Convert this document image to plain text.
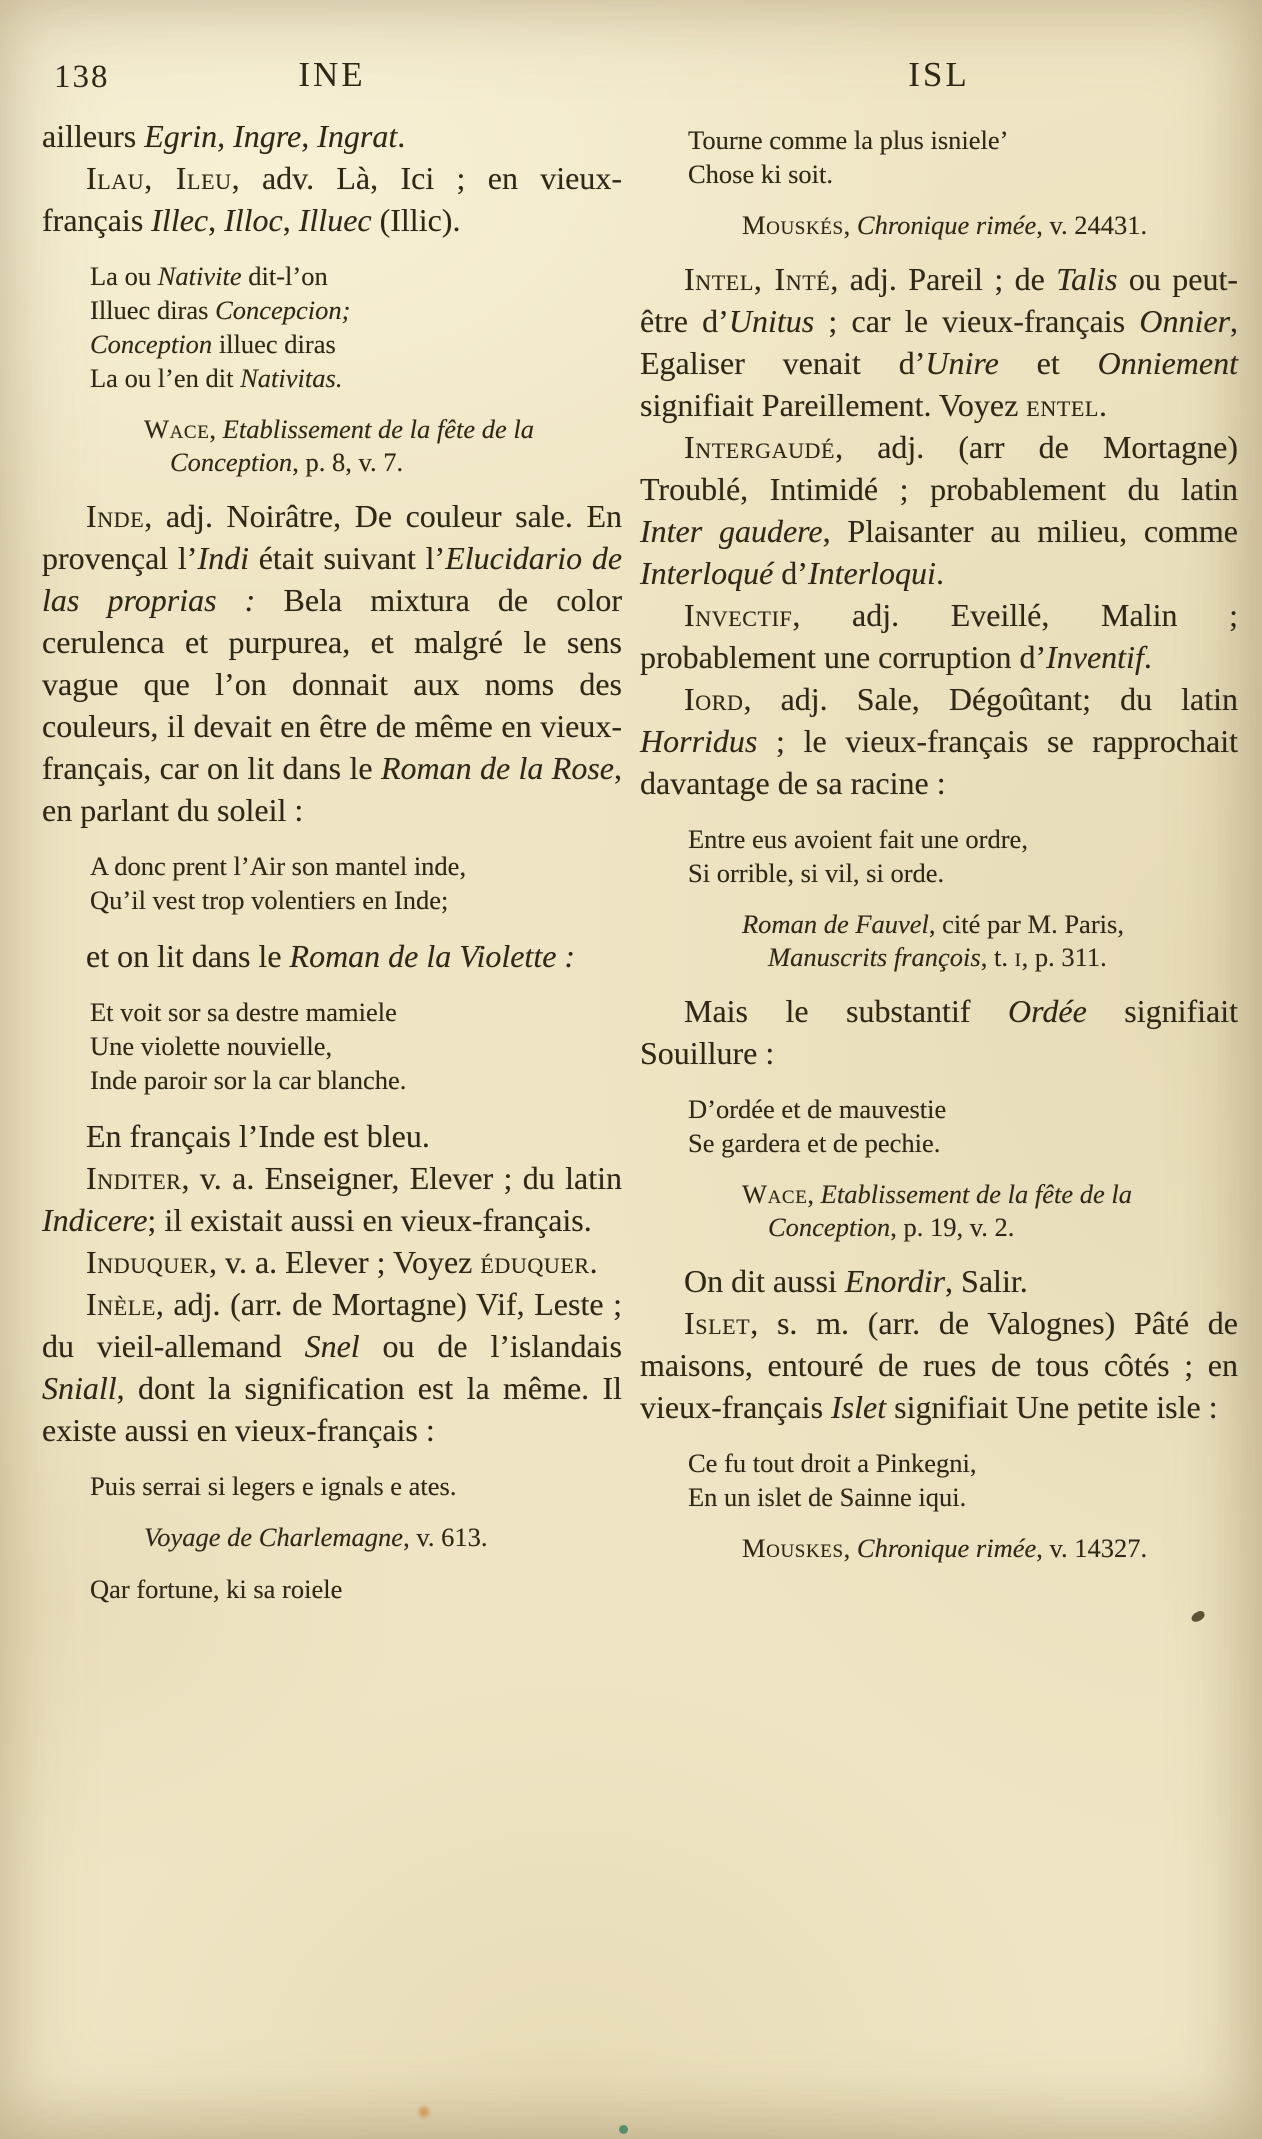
138	INE

ailleurs Egrin, Ingre, Ingrat.

Ilau, Ileu, adv. Là, Ici ; en vieux-français Illec, Illoc, Illuec (Illic).

La ou Nativite dit-l’on
Illuec diras Concepcion;
Conception illuec diras
La ou l’en dit Nativitas.

Wace, Etablissement de la fête de la Conception, p. 8, v. 7.

Inde, adj. Noirâtre, De couleur sale. En provençal l’Indi était suivant l’Elucidario de las proprias : Bela mixtura de color cerulenca et purpurea, et malgré le sens vague que l’on donnait aux noms des couleurs, il devait en être de même en vieux-français, car on lit dans le Roman de la Rose, en parlant du soleil :

A donc prent l’Air son mantel inde,
Qu’il vest trop volentiers en Inde;

et on lit dans le Roman de la Violette :

Et voit sor sa destre mamiele
Une violette nouvielle,
Inde paroir sor la car blanche.

En français l’Inde est bleu.

Inditer, v. a. Enseigner, Elever ; du latin Indicere; il existait aussi en vieux-français.

Induquer, v. a. Elever ; Voyez éduquer.

Inèle, adj. (arr. de Mortagne) Vif, Leste ; du vieil-allemand Snel ou de l’islandais Sniall, dont la signification est la même. Il existe aussi en vieux-français :

Puis serrai si legers e ignals e ates.

Voyage de Charlemagne, v. 613.

Qar fortune, ki sa roiele

ISL

Tourne comme la plus isniele’
Chose ki soit.

Mouskés, Chronique rimée, v. 24431.

Intel, Inté, adj. Pareil ; de Talis ou peut-être d’Unitus ; car le vieux-français Onnier, Egaliser venait d’Unire et Onniement signifiait Pareillement. Voyez entel.

Intergaudé, adj. (arr de Mortagne) Troublé, Intimidé ; probablement du latin Inter gaudere, Plaisanter au milieu, comme Interloqué d’Interloqui.

Invectif, adj. Eveillé, Malin ; probablement une corruption d’Inventif.

Iord, adj. Sale, Dégoûtant; du latin Horridus ; le vieux-français se rapprochait davantage de sa racine :

Entre eus avoient fait une ordre,
Si orrible, si vil, si orde.

Roman de Fauvel, cité par M. Paris, Manuscrits françois, t. i, p. 311.

Mais le substantif Ordée signifiait Souillure :

D’ordée et de mauvestie
Se gardera et de pechie.

Wace, Etablissement de la fête de la Conception, p. 19, v. 2.

On dit aussi Enordir, Salir.

Islet, s. m. (arr. de Valognes) Pâté de maisons, entouré de rues de tous côtés ; en vieux-français Islet signifiait Une petite isle :

Ce fu tout droit a Pinkegni,
En un islet de Sainne iqui.

Mouskes, Chronique rimée, v. 14327.
